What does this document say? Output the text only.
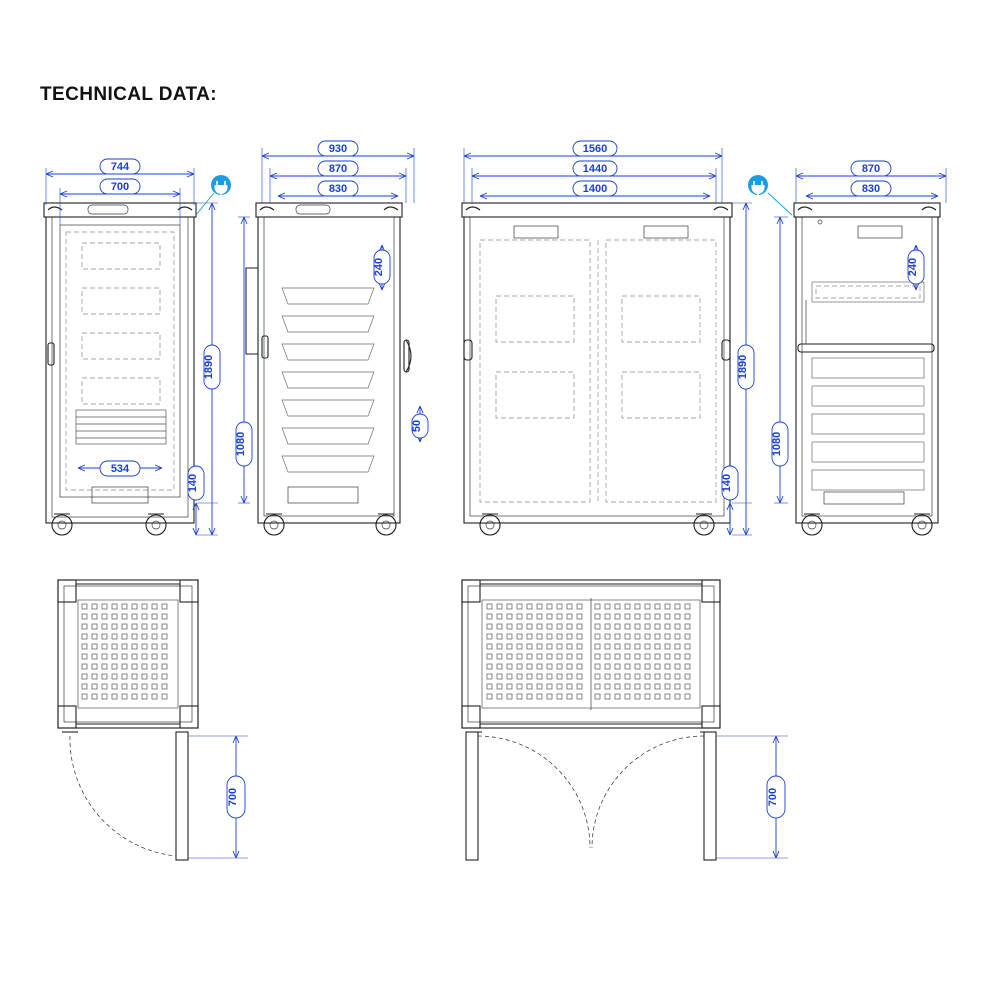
TECHNICAL DATA:
744
700
534
1890
140
930
870
830
240
1080
50
1560
1440
1400
1890
140
870
830
240
1080
700	700
